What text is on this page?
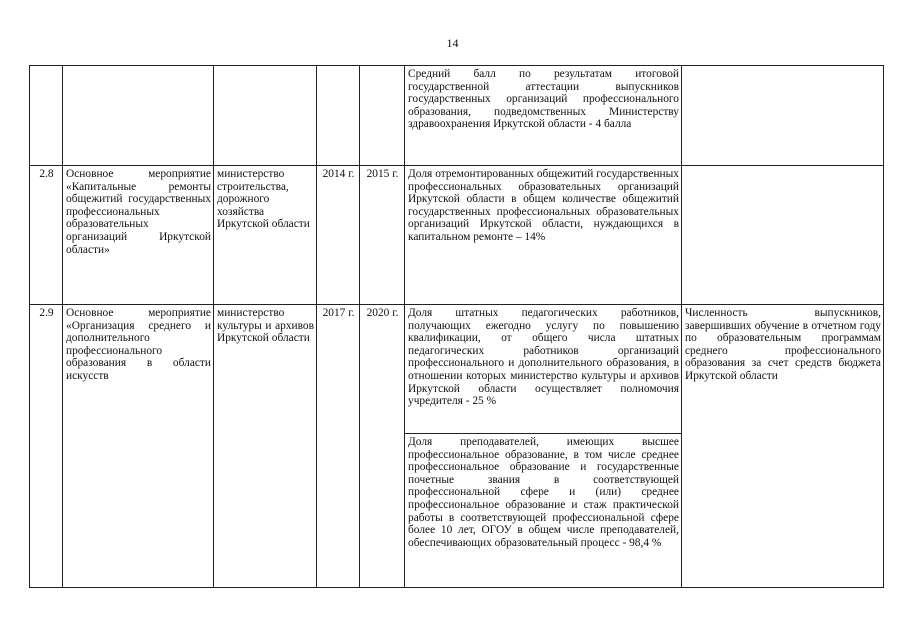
14
					Средний балл по результатам итоговой государственной аттестации выпускников государственных организаций профессионального образования, подведомственных Министерству здравоохранения Иркутской области - 4 балла	
2.8	Основное мероприятие «Капитальные ремонты общежитий государственных профессиональных образовательных организаций Иркутской области»	министерство строительства, дорожного хозяйства Иркутской области	2014 г.	2015 г.	Доля отремонтированных общежитий государственных профессиональных образовательных организаций Иркутской области в общем количестве общежитий государственных профессиональных образовательных организаций Иркутской области, нуждающихся в капитальном ремонте – 14%	
2.9	Основное мероприятие «Организация среднего и дополнительного профессионального образования в области искусств	министерство культуры и архивов Иркутской области	2017 г.	2020 г.	Доля штатных педагогических работников, получающих ежегодно услугу по повышению квалификации, от общего числа штатных педагогических работников организаций профессионального и дополнительного образования, в отношении которых министерство культуры и архивов Иркутской области осуществляет полномочия учредителя - 25 %	Численность выпускников, завершивших обучение в отчетном году по образовательным программам среднего профессионального образования за счет средств бюджета Иркутской области
					Доля преподавателей, имеющих высшее профессиональное образование, в том числе среднее профессиональное образование и государственные почетные звания в соответствующей профессиональной сфере и (или) среднее профессиональное образование и стаж практической работы в соответствующей профессиональной сфере более 10 лет, ОГОУ в общем числе преподавателей, обеспечивающих образовательный процесс - 98,4 %	
